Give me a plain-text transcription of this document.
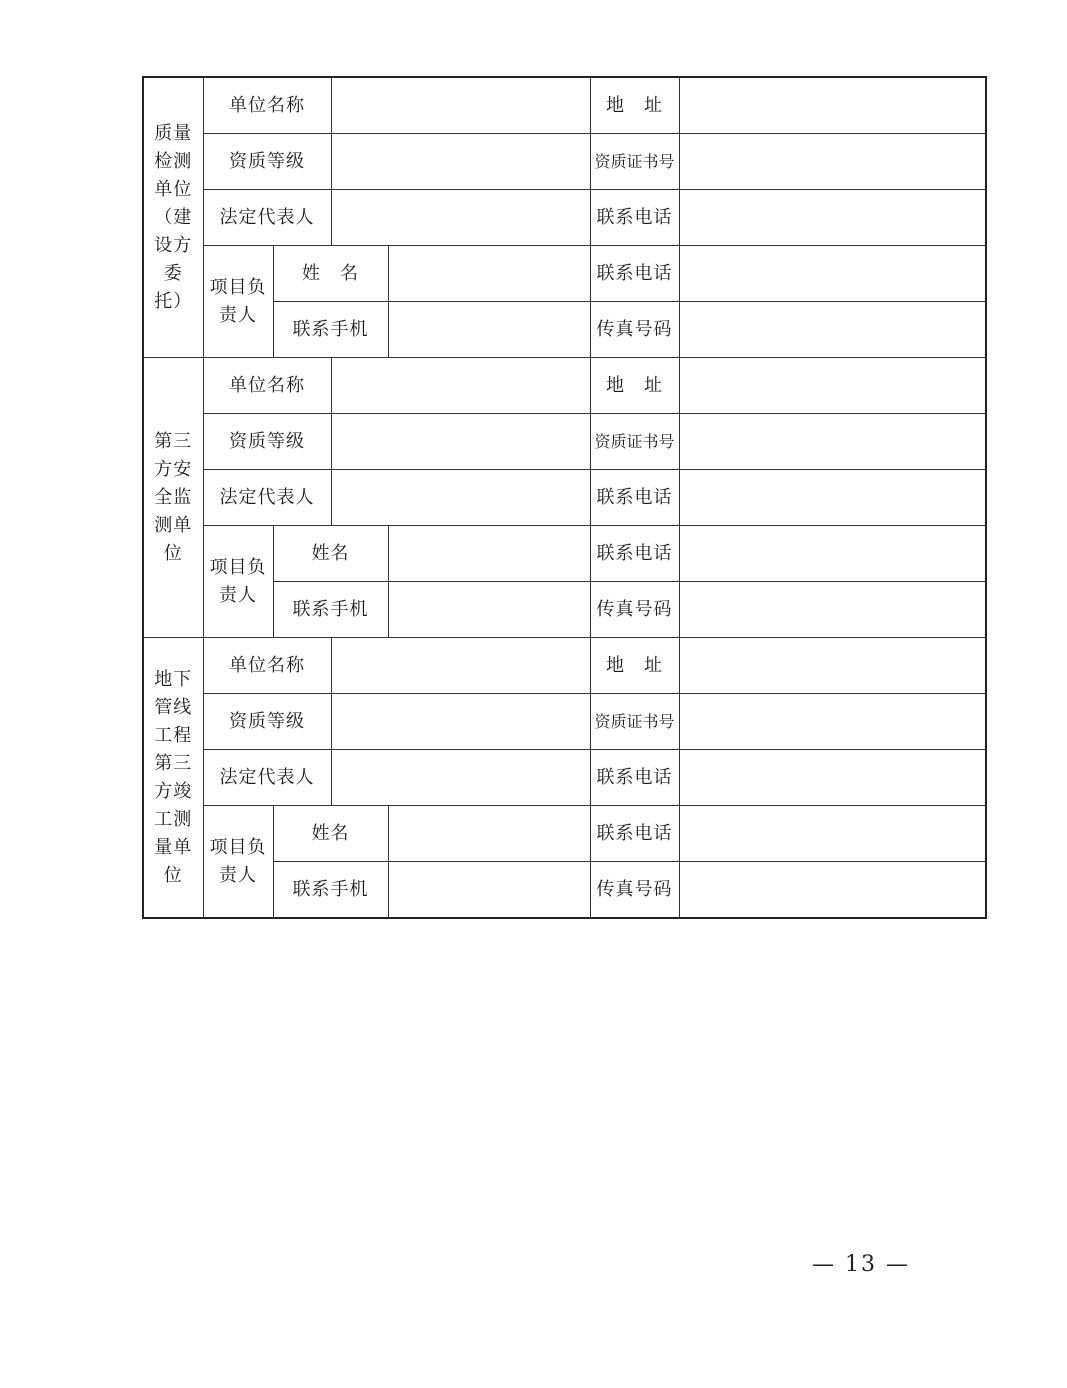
质量检测单位（建设方委托）	单位名称				地　址	
	资质等级				资质证书号	
	法定代表人				联系电话	
	项目负责人	姓　名			联系电话	
		联系手机			传真号码	
第三方安全监测单位	单位名称				地　址	
	资质等级				资质证书号	
	法定代表人				联系电话	
	项目负责人	姓名			联系电话	
		联系手机			传真号码	
地下管线工程第三方竣工测量单位	单位名称				地　址	
	资质等级				资质证书号	
	法定代表人				联系电话	
	项目负责人	姓名			联系电话	
		联系手机			传真号码	
— 13 —
